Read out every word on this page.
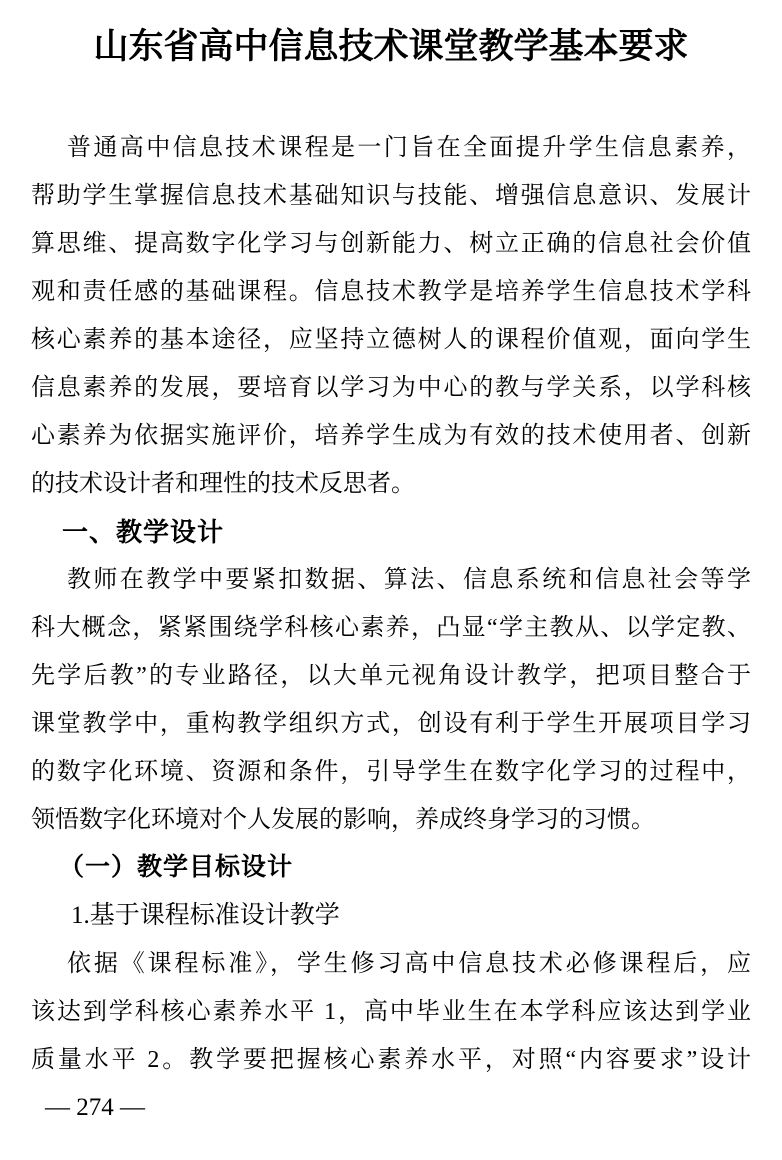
山东省高中信息技术课堂教学基本要求
普通高中信息技术课程是一门旨在全面提升学生信息素养，
帮助学生掌握信息技术基础知识与技能、增强信息意识、发展计
算思维、提高数字化学习与创新能力、树立正确的信息社会价值
观和责任感的基础课程。信息技术教学是培养学生信息技术学科
核心素养的基本途径，应坚持立德树人的课程价值观，面向学生
信息素养的发展，要培育以学习为中心的教与学关系，以学科核
心素养为依据实施评价，培养学生成为有效的技术使用者、创新
的技术设计者和理性的技术反思者。
一、教学设计
教师在教学中要紧扣数据、算法、信息系统和信息社会等学
科大概念，紧紧围绕学科核心素养，凸显“学主教从、以学定教、
先学后教”的专业路径，以大单元视角设计教学，把项目整合于
课堂教学中，重构教学组织方式，创设有利于学生开展项目学习
的数字化环境、资源和条件，引导学生在数字化学习的过程中，
领悟数字化环境对个人发展的影响，养成终身学习的习惯。
（一）教学目标设计
1.基于课程标准设计教学
依据《课程标准》，学生修习高中信息技术必修课程后，应
该达到学科核心素养水平 1，高中毕业生在本学科应该达到学业
质量水平 2。教学要把握核心素养水平，对照“内容要求”设计
— 274 —
